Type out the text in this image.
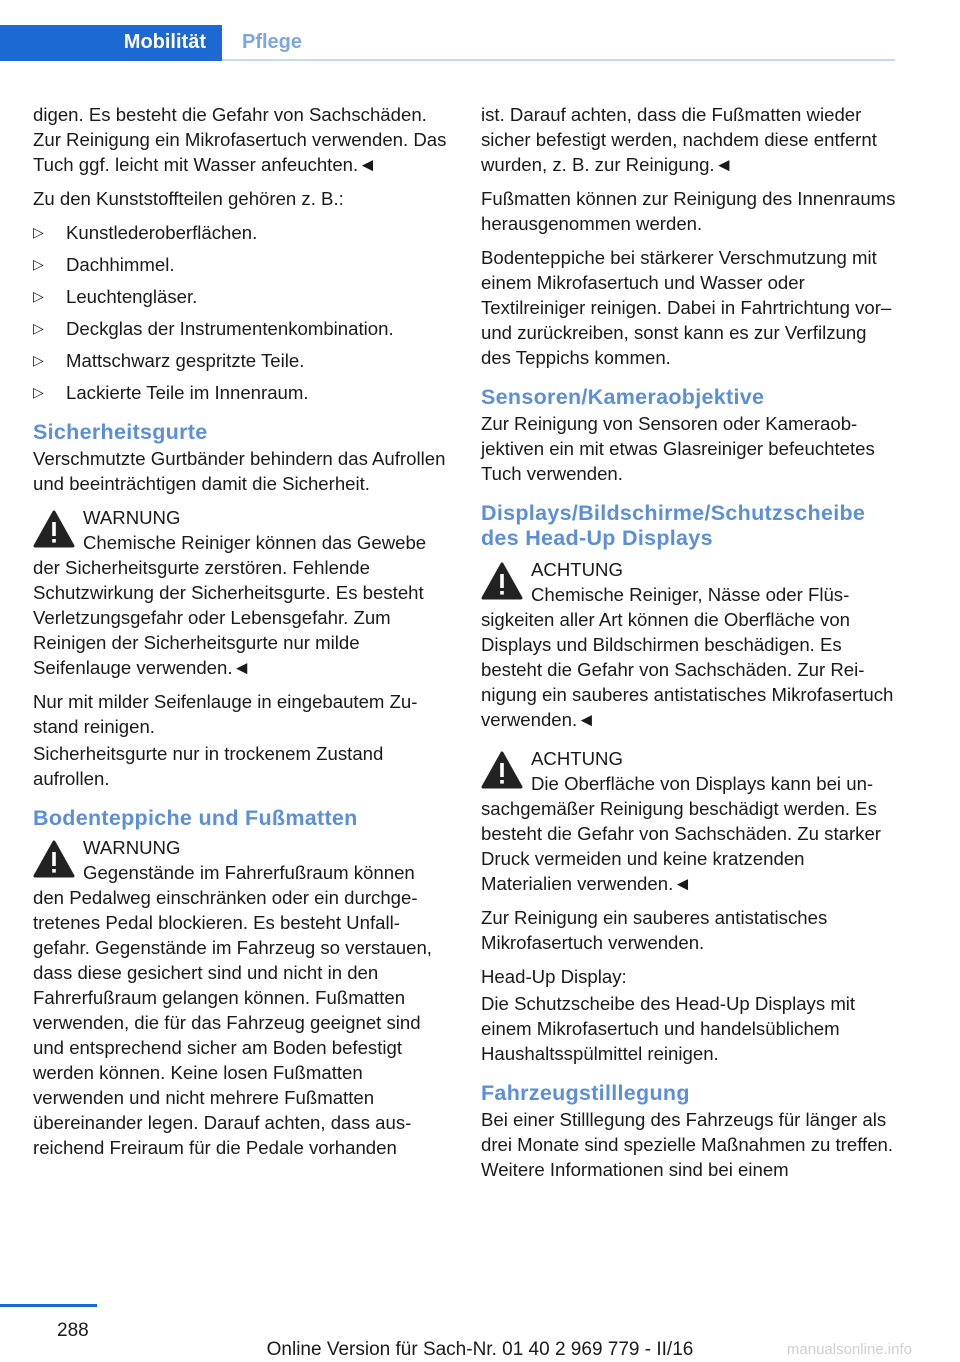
Mobilität	Pflege

digen. Es besteht die Gefahr von Sachschäden. Zur Reinigung ein Mikrofasertuch verwenden. Das Tuch ggf. leicht mit Wasser anfeuchten.◄

Zu den Kunststoffteilen gehören z. B.:

▷ Kunstlederoberflächen.
▷ Dachhimmel.
▷ Leuchtengläser.
▷ Deckglas der Instrumentenkombination.
▷ Mattschwarz gespritzte Teile.
▷ Lackierte Teile im Innenraum.
Sicherheitsgurte

Verschmutzte Gurtbänder behindern das Aufrollen und beeinträchtigen damit die Sicherheit.

WARNUNG
Chemische Reiniger können das Gewebe der Sicherheitsgurte zerstören. Fehlende Schutzwirkung der Sicherheitsgurte. Es besteht Verletzungsgefahr oder Lebensgefahr. Zum Reinigen der Sicherheitsgurte nur milde Seifenlauge verwenden.◄

Nur mit milder Seifenlauge in eingebautem Zustand reinigen.

Sicherheitsgurte nur in trockenem Zustand aufrollen.

Bodenteppiche und Fußmatten
WARNUNG
Gegenstände im Fahrerfußraum können den Pedalweg einschränken oder ein durchgetretenes Pedal blockieren. Es besteht Unfallgefahr. Gegenstände im Fahrzeug so verstauen, dass diese gesichert sind und nicht in den Fahrerfußraum gelangen können. Fußmatten verwenden, die für das Fahrzeug geeignet sind und entsprechend sicher am Boden befestigt werden können. Keine losen Fußmatten verwenden und nicht mehrere Fußmatten übereinander legen. Darauf achten, dass ausreichend Freiraum für die Pedale vorhanden

ist. Darauf achten, dass die Fußmatten wieder sicher befestigt werden, nachdem diese entfernt wurden, z. B. zur Reinigung.◄

Fußmatten können zur Reinigung des Innenraums herausgenommen werden.

Bodenteppiche bei stärkerer Verschmutzung mit einem Mikrofasertuch und Wasser oder Textilreiniger reinigen. Dabei in Fahrtrichtung vor– und zurückreiben, sonst kann es zur Verfilzung des Teppichs kommen.

Sensoren/Kameraobjektive

Zur Reinigung von Sensoren oder Kameraobjektiven ein mit etwas Glasreiniger befeuchtetes Tuch verwenden.

Displays/Bildschirme/Schutzscheibe des Head-Up Displays
ACHTUNG
Chemische Reiniger, Nässe oder Flüssigkeiten aller Art können die Oberfläche von Displays und Bildschirmen beschädigen. Es besteht die Gefahr von Sachschäden. Zur Reinigung ein sauberes antistatisches Mikrofasertuch verwenden.◄
ACHTUNG
Die Oberfläche von Displays kann bei unsachgemäßer Reinigung beschädigt werden. Es besteht die Gefahr von Sachschäden. Zu starker Druck vermeiden und keine kratzenden Materialien verwenden.◄

Zur Reinigung ein sauberes antistatisches Mikrofasertuch verwenden.

Head-Up Display:

Die Schutzscheibe des Head-Up Displays mit einem Mikrofasertuch und handelsüblichem Haushaltsspülmittel reinigen.

Fahrzeugstilllegung

Bei einer Stilllegung des Fahrzeugs für länger als drei Monate sind spezielle Maßnahmen zu treffen. Weitere Informationen sind bei einem

288
Online Version für Sach-Nr. 01 40 2 969 779 - II/16	manualsonline.info
